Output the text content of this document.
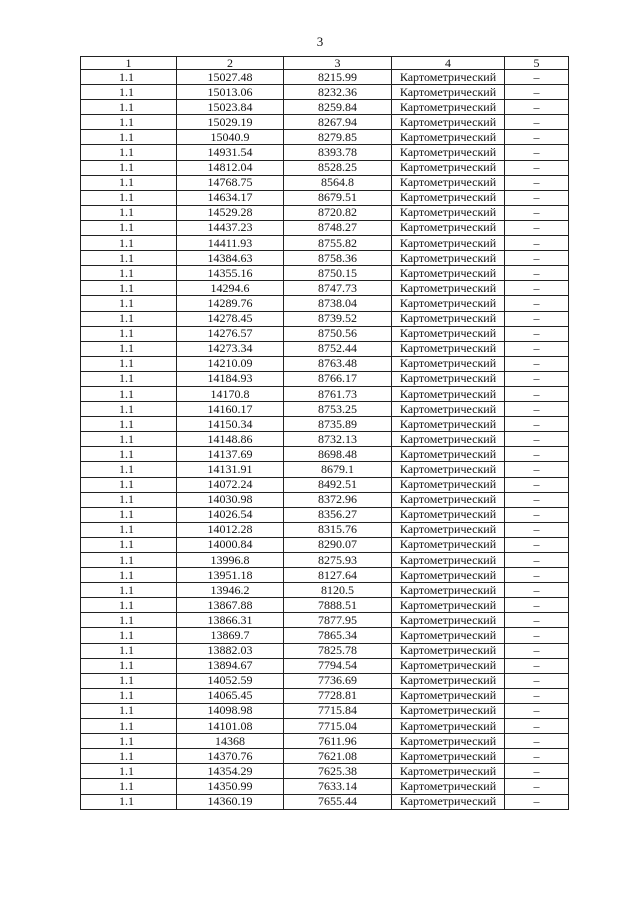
3
1	2	3	4	5
1.1	15027.48	8215.99	Картометрический	–
1.1	15013.06	8232.36	Картометрический	–
1.1	15023.84	8259.84	Картометрический	–
1.1	15029.19	8267.94	Картометрический	–
1.1	15040.9	8279.85	Картометрический	–
1.1	14931.54	8393.78	Картометрический	–
1.1	14812.04	8528.25	Картометрический	–
1.1	14768.75	8564.8	Картометрический	–
1.1	14634.17	8679.51	Картометрический	–
1.1	14529.28	8720.82	Картометрический	–
1.1	14437.23	8748.27	Картометрический	–
1.1	14411.93	8755.82	Картометрический	–
1.1	14384.63	8758.36	Картометрический	–
1.1	14355.16	8750.15	Картометрический	–
1.1	14294.6	8747.73	Картометрический	–
1.1	14289.76	8738.04	Картометрический	–
1.1	14278.45	8739.52	Картометрический	–
1.1	14276.57	8750.56	Картометрический	–
1.1	14273.34	8752.44	Картометрический	–
1.1	14210.09	8763.48	Картометрический	–
1.1	14184.93	8766.17	Картометрический	–
1.1	14170.8	8761.73	Картометрический	–
1.1	14160.17	8753.25	Картометрический	–
1.1	14150.34	8735.89	Картометрический	–
1.1	14148.86	8732.13	Картометрический	–
1.1	14137.69	8698.48	Картометрический	–
1.1	14131.91	8679.1	Картометрический	–
1.1	14072.24	8492.51	Картометрический	–
1.1	14030.98	8372.96	Картометрический	–
1.1	14026.54	8356.27	Картометрический	–
1.1	14012.28	8315.76	Картометрический	–
1.1	14000.84	8290.07	Картометрический	–
1.1	13996.8	8275.93	Картометрический	–
1.1	13951.18	8127.64	Картометрический	–
1.1	13946.2	8120.5	Картометрический	–
1.1	13867.88	7888.51	Картометрический	–
1.1	13866.31	7877.95	Картометрический	–
1.1	13869.7	7865.34	Картометрический	–
1.1	13882.03	7825.78	Картометрический	–
1.1	13894.67	7794.54	Картометрический	–
1.1	14052.59	7736.69	Картометрический	–
1.1	14065.45	7728.81	Картометрический	–
1.1	14098.98	7715.84	Картометрический	–
1.1	14101.08	7715.04	Картометрический	–
1.1	14368	7611.96	Картометрический	–
1.1	14370.76	7621.08	Картометрический	–
1.1	14354.29	7625.38	Картометрический	–
1.1	14350.99	7633.14	Картометрический	–
1.1	14360.19	7655.44	Картометрический	–
